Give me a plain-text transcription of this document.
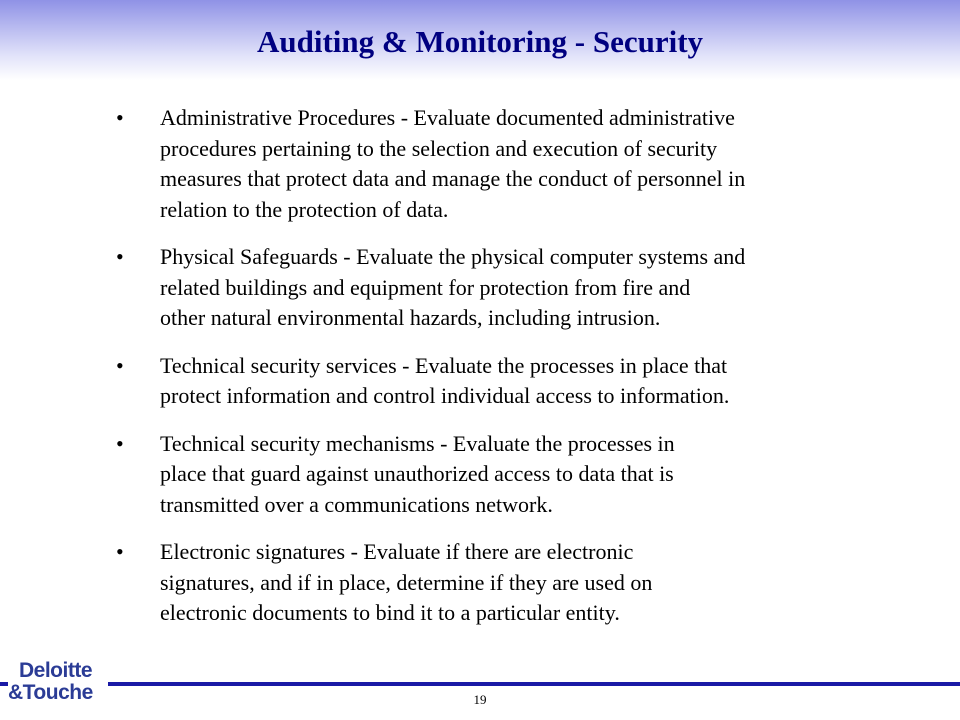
Auditing & Monitoring - Security
• Administrative Procedures - Evaluate documented administrative
procedures pertaining to the selection and execution of security
measures that protect data and manage the conduct of personnel in
relation to the protection of data.
• Physical Safeguards - Evaluate the physical computer systems and
related buildings and equipment for protection from fire and
other natural environmental hazards, including intrusion.
• Technical security services - Evaluate the processes in place that
protect information and control individual access to information.
• Technical security mechanisms - Evaluate the processes in
place that guard against unauthorized access to data that is
transmitted over a communications network.
• Electronic signatures - Evaluate if there are electronic
signatures, and if in place, determine if they are used on
electronic documents to bind it to a particular entity.
Deloitte
&Touche	19
